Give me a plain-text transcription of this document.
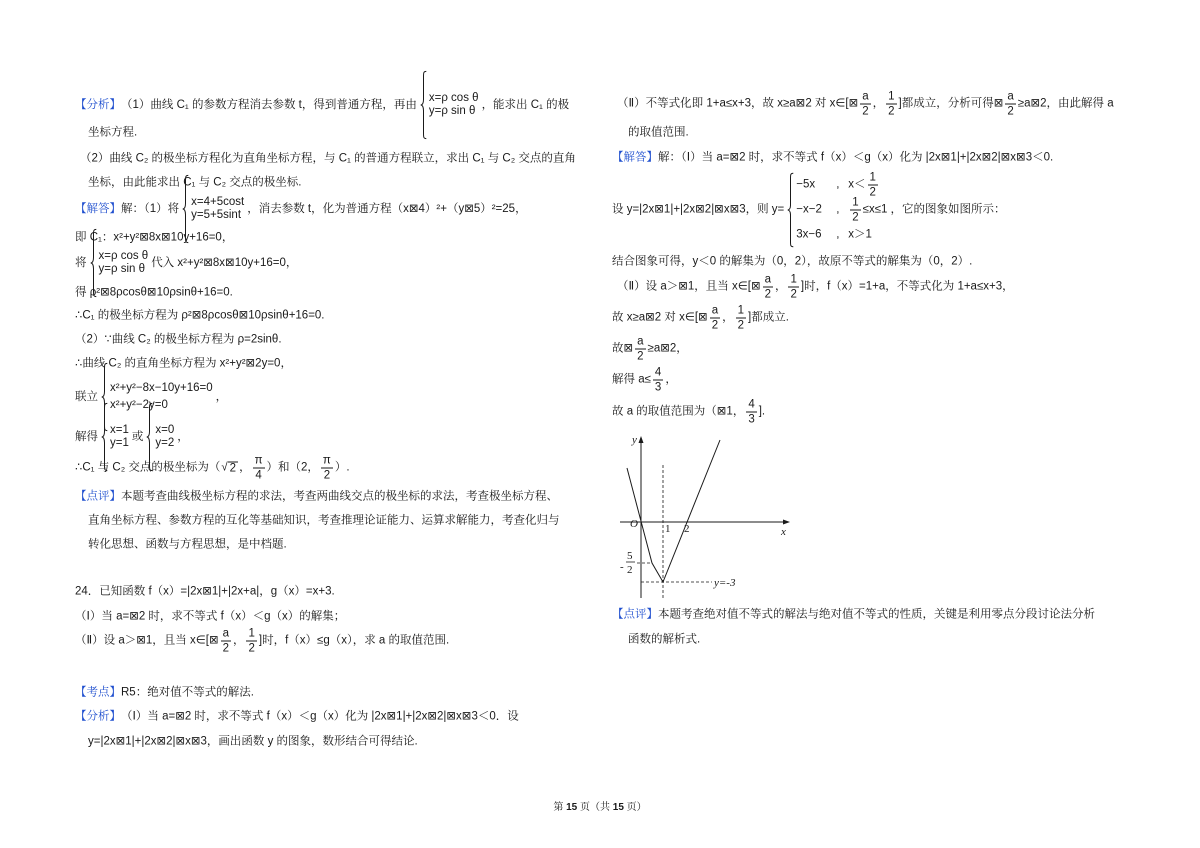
【分析】 （1）曲线 C₁ 的参数方程消去参数 t，得到普通方程，再由
x=ρ cos θ
y=ρ sin θ
，能求出 C₁ 的极
坐标方程.
（2）曲线 C₂ 的极坐标方程化为直角坐标方程，与 C₁ 的普通方程联立，求出 C₁ 与 C₂ 交点的直角
坐标，由此能求出 C₁ 与 C₂ 交点的极坐标.
【解答】 解：（1）将
x=4+5cost
y=5+5sint
，消去参数 t，化为普通方程（x⊠4）²+（y⊠5）²=25，
即 C₁：x²+y²⊠8x⊠10y+16=0，
将
x=ρ cos θ
y=ρ sin θ
代入 x²+y²⊠8x⊠10y+16=0，
得 ρ²⊠8ρcosθ⊠10ρsinθ+16=0.
∴C₁ 的极坐标方程为 ρ²⊠8ρcosθ⊠10ρsinθ+16=0.
（2）∵曲线 C₂ 的极坐标方程为 ρ=2sinθ.
∴曲线 C₂ 的直角坐标方程为 x²+y²⊠2y=0，
联立
x²+y²−8x−10y+16=0
x²+y²−2y=0
，
解得
x=1
y=1
或
x=0
y=2
，
∴C₁ 与 C₂ 交点的极坐标为（ √ 2 ， $\frac{\pi}{4}$ ）和（2， $\frac{\pi}{2}$ ）.
【点评】 本题考查曲线极坐标方程的求法，考查两曲线交点的极坐标的求法，考查极坐标方程、
直角坐标方程、参数方程的互化等基础知识，考查推理论证能力、运算求解能力，考查化归与
转化思想、函数与方程思想，是中档题.
24．已知函数 f（x）=|2x⊠1|+|2x+a|，g（x）=x+3.
（Ⅰ）当 a=⊠2 时，求不等式 f（x）＜g（x）的解集；
（Ⅱ）设 a＞⊠1，且当 x∈[⊠ $\frac{a}{2}$ ， $\frac{1}{2}$ ]时，f（x）≤g（x），求 a 的取值范围.
【考点】 R5：绝对值不等式的解法.
【分析】 （Ⅰ）当 a=⊠2 时，求不等式 f（x）＜g（x）化为 |2x⊠1|+|2x⊠2|⊠x⊠3＜0．设
y=|2x⊠1|+|2x⊠2|⊠x⊠3，画出函数 y 的图象，数形结合可得结论.
（Ⅱ）不等式化即 1+a≤x+3，故 x≥a⊠2 对 x∈[⊠ $\frac{a}{2}$ ， $\frac{1}{2}$ ]都成立，分析可得⊠ $\frac{a}{2}$ ≥a⊠2，由此解得 a
的取值范围.
【解答】 解：（Ⅰ）当 a=⊠2 时，求不等式 f（x）＜g（x）化为 |2x⊠1|+|2x⊠2|⊠x⊠3＜0.
设 y=|2x⊠1|+|2x⊠2|⊠x⊠3，则 y=
−5x	, $x< \frac{1}{2}$
−x−2	, $\frac{1}{2} \le x\le 1$
3x−6	, x＞1
，它的图象如图所示：
结合图象可得，y＜0 的解集为（0，2），故原不等式的解集为（0，2）.
（Ⅱ）设 a＞⊠1，且当 x∈[⊠ $\frac{a}{2}$ ， $\frac{1}{2}$ ]时，f（x）=1+a，不等式化为 1+a≤x+3，
故 x≥a⊠2 对 x∈[⊠ $\frac{a}{2}$ ， $\frac{1}{2}$ ]都成立.
故⊠ $\frac{a}{2}$ ≥a⊠2，
解得 $a\le \frac{4}{3}$ ，
故 a 的取值范围为（⊠1， $\frac{4}{3}$ ].
y
x
O 1 2
-
5
2
y=-3
【点评】 本题考查绝对值不等式的解法与绝对值不等式的性质，关键是利用零点分段讨论法分析
函数的解析式.
第 15 页（共 15 页）
